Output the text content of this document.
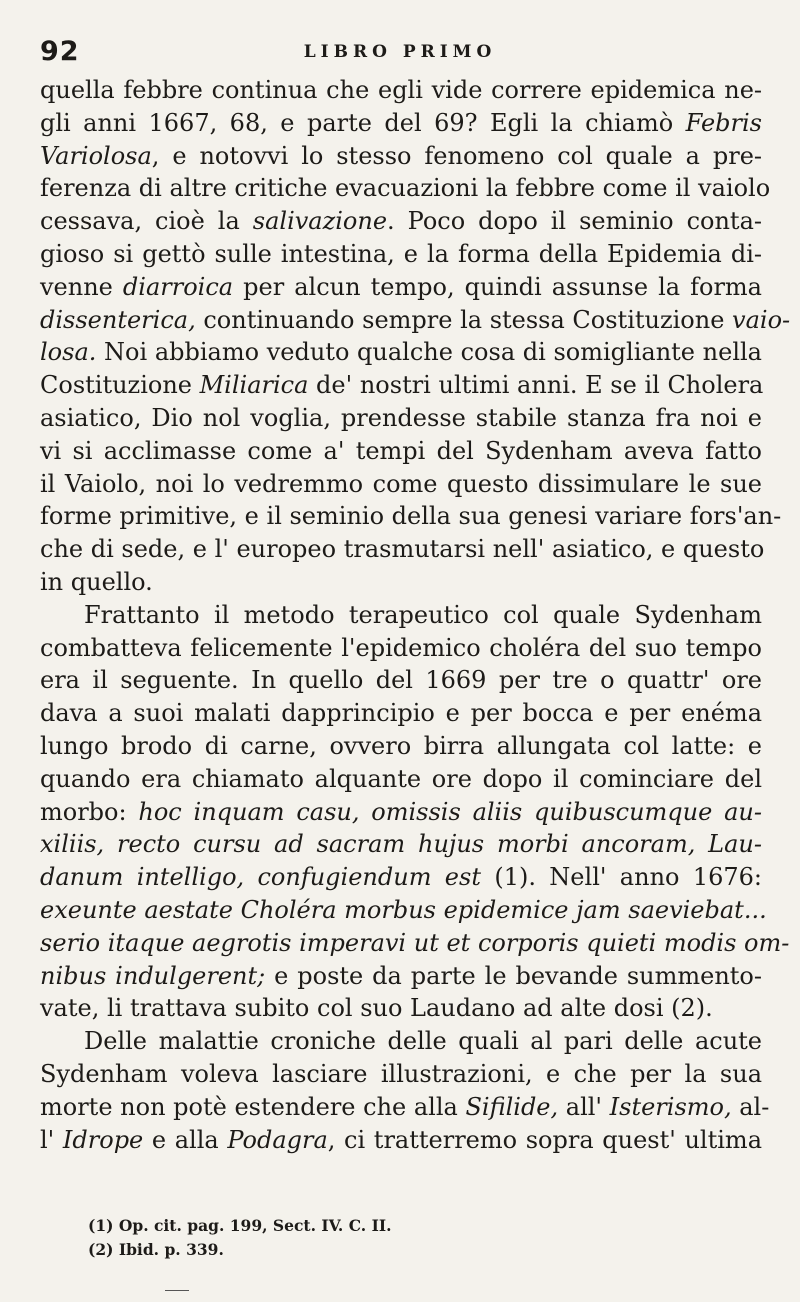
92	LIBRO PRIMO
quella febbre continua che egli vide correre epidemica ne-
gli anni 1667, 68, e parte del 69? Egli la chiamò Febris
Variolosa, e notovvi lo stesso fenomeno col quale a pre-
ferenza di altre critiche evacuazioni la febbre come il vaiolo
cessava, cioè la salivazione. Poco dopo il seminio conta-
gioso si gettò sulle intestina, e la forma della Epidemia di-
venne diarroica per alcun tempo, quindi assunse la forma
dissenterica, continuando sempre la stessa Costituzione vaio-
losa. Noi abbiamo veduto qualche cosa di somigliante nella
Costituzione Miliarica de' nostri ultimi anni. E se il Cholera
asiatico, Dio nol voglia, prendesse stabile stanza fra noi e
vi si acclimasse come a' tempi del Sydenham aveva fatto
il Vaiolo, noi lo vedremmo come questo dissimulare le sue
forme primitive, e il seminio della sua genesi variare fors'an-
che di sede, e l' europeo trasmutarsi nell' asiatico, e questo
in quello.
Frattanto il metodo terapeutico col quale Sydenham
combatteva felicemente l'epidemico choléra del suo tempo
era il seguente. In quello del 1669 per tre o quattr' ore
dava a suoi malati dapprincipio e per bocca e per enéma
lungo brodo di carne, ovvero birra allungata col latte: e
quando era chiamato alquante ore dopo il cominciare del
morbo: hoc inquam casu, omissis aliis quibuscumque au-
xiliis, recto cursu ad sacram hujus morbi ancoram, Lau-
danum intelligo, confugiendum est (1). Nell' anno 1676:
exeunte aestate Choléra morbus epidemice jam saeviebat...
serio itaque aegrotis imperavi ut et corporis quieti modis om-
nibus indulgerent; e poste da parte le bevande summento-
vate, li trattava subito col suo Laudano ad alte dosi (2).
Delle malattie croniche delle quali al pari delle acute
Sydenham voleva lasciare illustrazioni, e che per la sua
morte non potè estendere che alla Sifilide, all' Isterismo, al-
l' Idrope e alla Podagra, ci tratterremo sopra quest' ultima
(1) Op. cit. pag. 199, Sect. IV. C. II.
(2) Ibid. p. 339.
